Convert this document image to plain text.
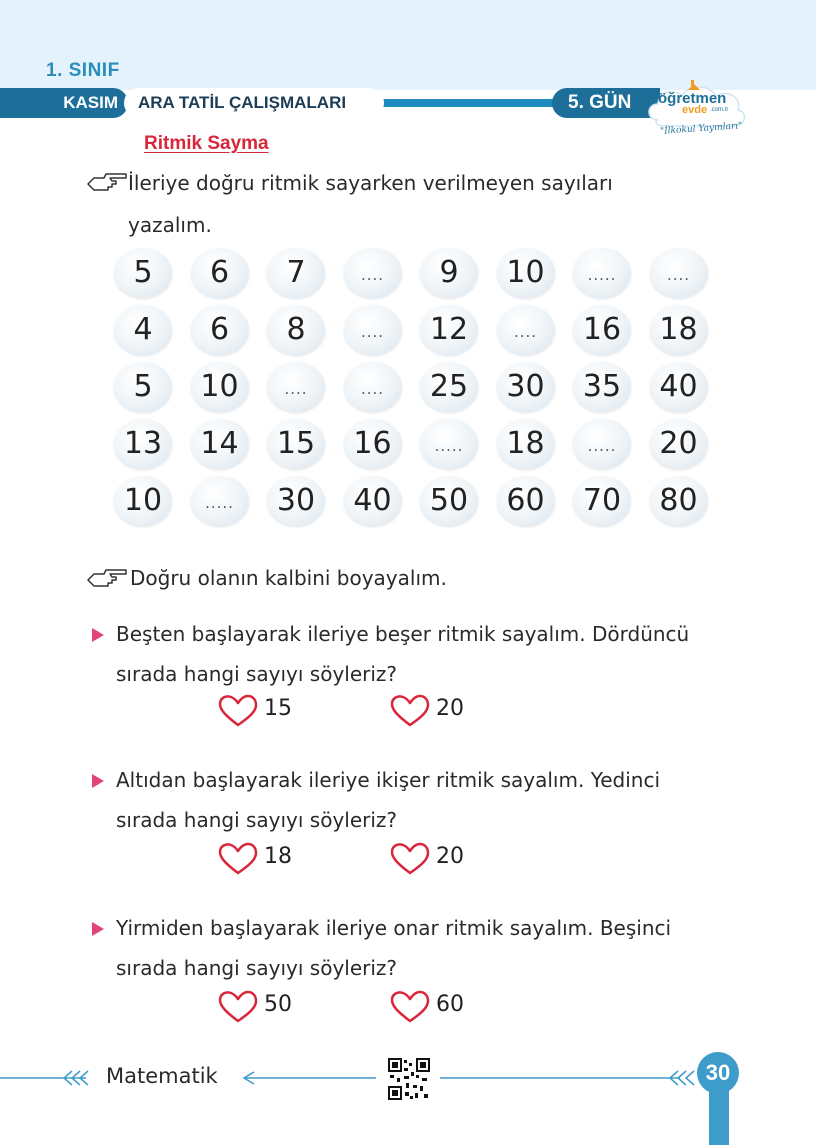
1. SINIF
KASIM	ARA TATİL ÇALIŞMALARI	5. GÜN	öğretmen
evde .com.tr
"İlkokul Yayınları"
Ritmik Sayma
İleriye doğru ritmik sayarken verilmeyen sayıları
yazalım.
5	6	7	....	9	10	.....	....
4	6	8	....	12	....	16	18
5	10	....	....	25	30	35	40
13	14	15	16	.....	18	.....	20
10	.....	30	40	50	60	70	80
Doğru olanın kalbini boyayalım.
Beşten başlayarak ileriye beşer ritmik sayalım. Dördüncü
sırada hangi sayıyı söyleriz?
15	20
Altıdan başlayarak ileriye ikişer ritmik sayalım. Yedinci
sırada hangi sayıyı söyleriz?
18	20
Yirmiden başlayarak ileriye onar ritmik sayalım. Beşinci
sırada hangi sayıyı söyleriz?
50	60
Matematik	30
